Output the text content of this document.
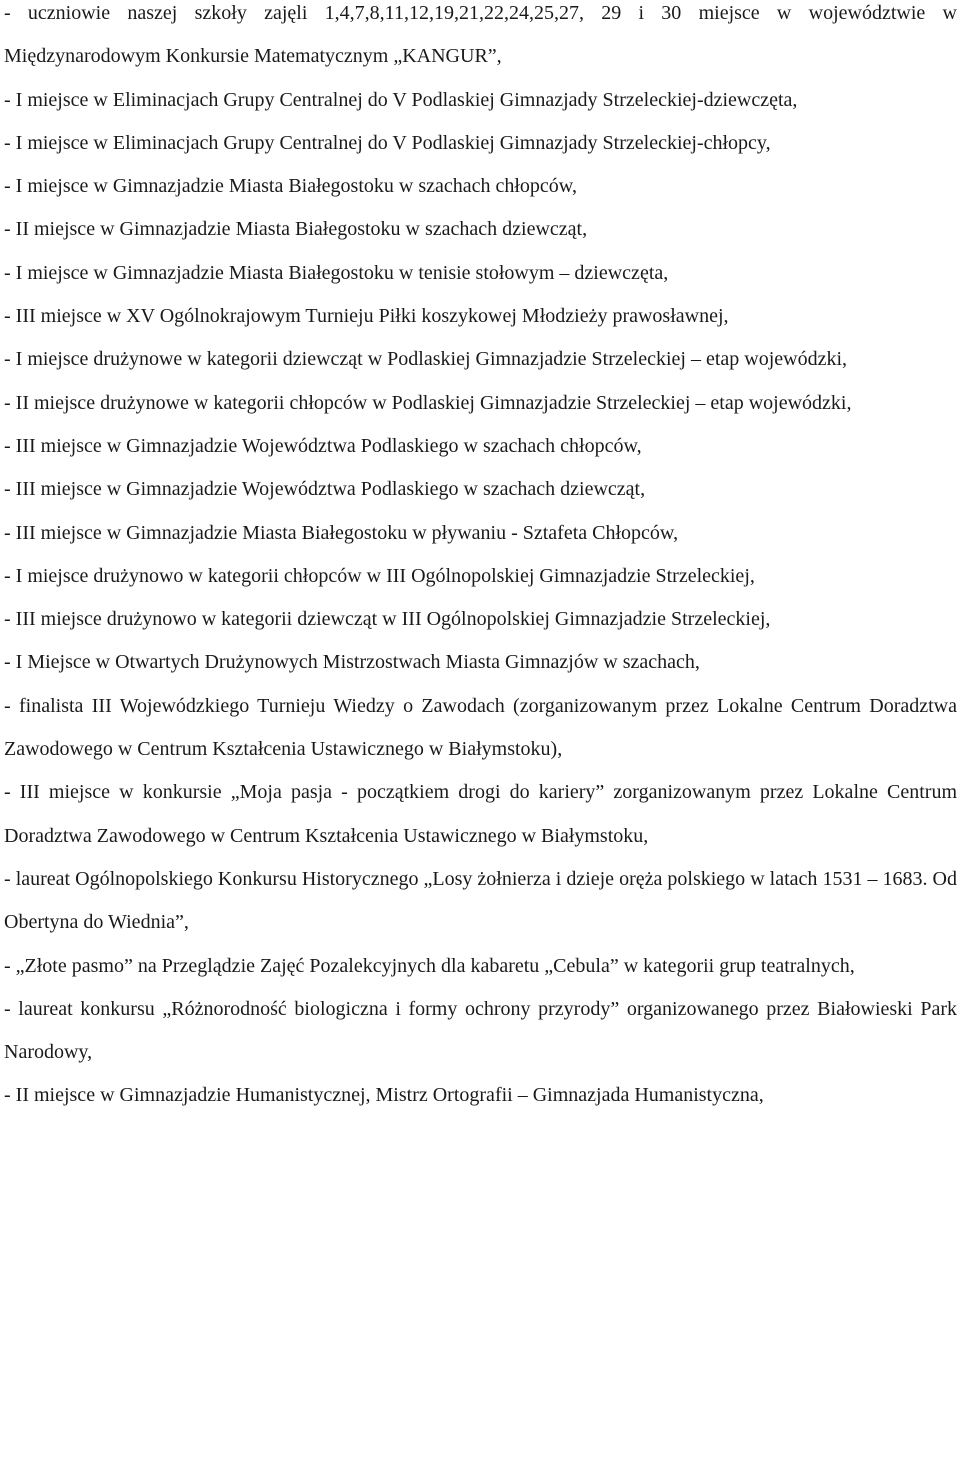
- uczniowie naszej szkoły zajęli 1,4,7,8,11,12,19,21,22,24,25,27, 29 i 30 miejsce w województwie w Międzynarodowym Konkursie Matematycznym „KANGUR”,

- I miejsce w Eliminacjach Grupy Centralnej do V Podlaskiej Gimnazjady Strzeleckiej-dziewczęta,

- I miejsce w Eliminacjach Grupy Centralnej do V Podlaskiej Gimnazjady Strzeleckiej-chłopcy,

- I miejsce w Gimnazjadzie Miasta Białegostoku w szachach chłopców,

- II miejsce w Gimnazjadzie Miasta Białegostoku w szachach dziewcząt,

- I miejsce w Gimnazjadzie Miasta Białegostoku w tenisie stołowym – dziewczęta,

- III miejsce w XV Ogólnokrajowym Turnieju Piłki koszykowej Młodzieży prawosławnej,

- I miejsce drużynowe w kategorii dziewcząt w Podlaskiej Gimnazjadzie Strzeleckiej – etap wojewódzki,

- II miejsce drużynowe w kategorii chłopców w Podlaskiej Gimnazjadzie Strzeleckiej – etap wojewódzki,

- III miejsce w Gimnazjadzie Województwa Podlaskiego w szachach chłopców,

- III miejsce w Gimnazjadzie Województwa Podlaskiego w szachach dziewcząt,

- III miejsce w Gimnazjadzie Miasta Białegostoku w pływaniu - Sztafeta Chłopców,

- I miejsce drużynowo w kategorii chłopców w III Ogólnopolskiej Gimnazjadzie Strzeleckiej,

- III miejsce drużynowo w kategorii dziewcząt w III Ogólnopolskiej Gimnazjadzie Strzeleckiej,

- I Miejsce w Otwartych Drużynowych Mistrzostwach Miasta Gimnazjów w szachach,

- finalista III Wojewódzkiego Turnieju Wiedzy o Zawodach (zorganizowanym przez Lokalne Centrum Doradztwa Zawodowego w Centrum Kształcenia Ustawicznego w Białymstoku),

- III miejsce w konkursie „Moja pasja - początkiem drogi do kariery” zorganizowanym przez Lokalne Centrum Doradztwa Zawodowego w Centrum Kształcenia Ustawicznego w Białymstoku,

- laureat Ogólnopolskiego Konkursu Historycznego „Losy żołnierza i dzieje oręża polskiego w latach 1531 – 1683. Od Obertyna do Wiednia”,

- „Złote pasmo” na Przeglądzie Zajęć Pozalekcyjnych dla kabaretu „Cebula” w kategorii grup teatralnych,

- laureat konkursu „Różnorodność biologiczna i formy ochrony przyrody” organizowanego przez Białowieski Park Narodowy,

- II miejsce w Gimnazjadzie Humanistycznej, Mistrz Ortografii – Gimnazjada Humanistyczna,
